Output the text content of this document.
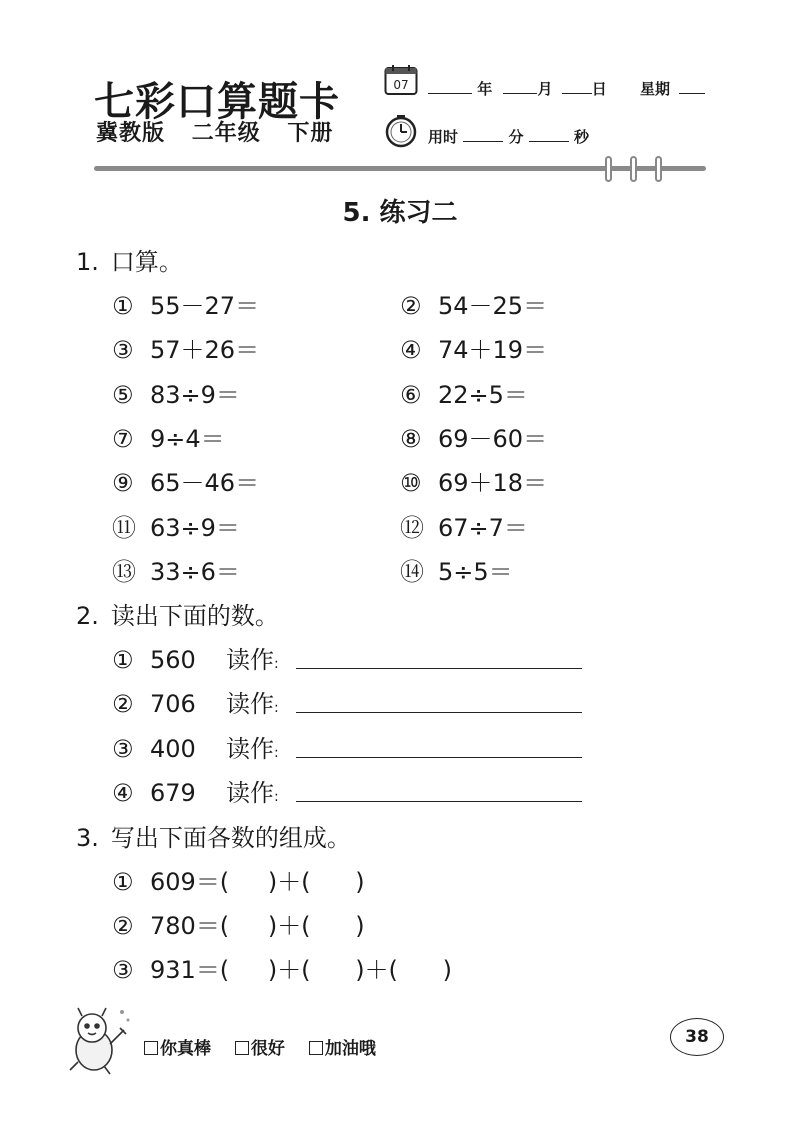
七彩口算题卡
冀教版 二年级 下册
07	年	月	日 星期
用时	分	秒
5. 练习二
1. 口算。
① 55－27＝	② 54－25＝
③ 57＋26＝	④ 74＋19＝
⑤ 83÷9＝	⑥ 22÷5＝
⑦ 9÷4＝	⑧ 69－60＝
⑨ 65－46＝	⑩ 69＋18＝
⑪ 63÷9＝	⑫ 67÷7＝
⑬ 33÷6＝	⑭ 5÷5＝
2. 读出下面的数。
① 560 读作:
② 706 读作:
③ 400 读作:
④ 679 读作:
3. 写出下面各数的组成。
① 609＝( )＋( )
② 780＝( )＋( )
③ 931＝( )＋( )＋( )
你真棒 很好 加油哦
38
